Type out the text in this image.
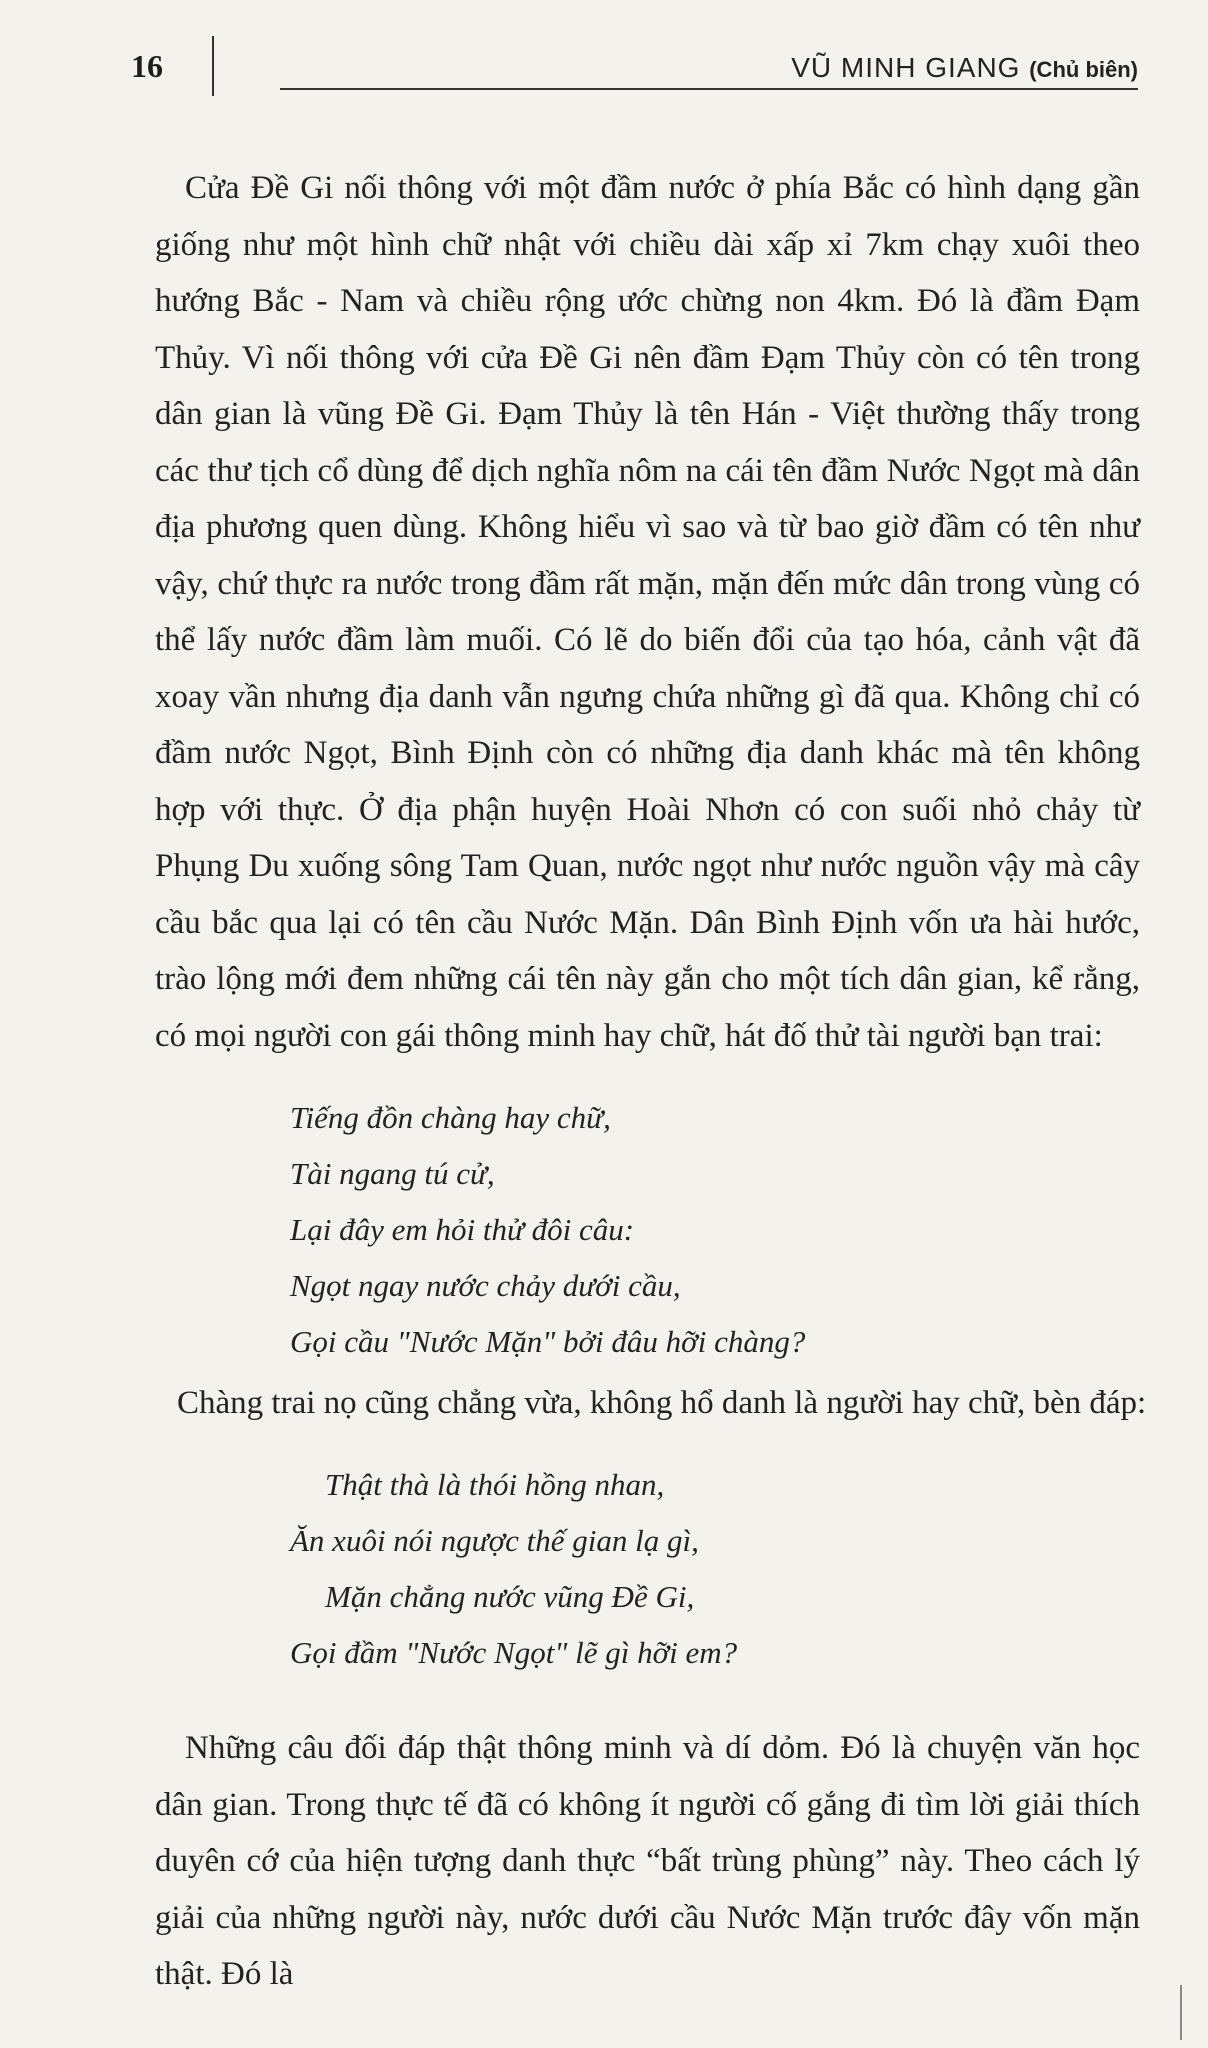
16	VŨ MINH GIANG (Chủ biên)

Cửa Đề Gi nối thông với một đầm nước ở phía Bắc có hình dạng gần giống như một hình chữ nhật với chiều dài xấp xỉ 7km chạy xuôi theo hướng Bắc - Nam và chiều rộng ước chừng non 4km. Đó là đầm Đạm Thủy. Vì nối thông với cửa Đề Gi nên đầm Đạm Thủy còn có tên trong dân gian là vũng Đề Gi. Đạm Thủy là tên Hán - Việt thường thấy trong các thư tịch cổ dùng để dịch nghĩa nôm na cái tên đầm Nước Ngọt mà dân địa phương quen dùng. Không hiểu vì sao và từ bao giờ đầm có tên như vậy, chứ thực ra nước trong đầm rất mặn, mặn đến mức dân trong vùng có thể lấy nước đầm làm muối. Có lẽ do biến đổi của tạo hóa, cảnh vật đã xoay vần nhưng địa danh vẫn ngưng chứa những gì đã qua. Không chỉ có đầm nước Ngọt, Bình Định còn có những địa danh khác mà tên không hợp với thực. Ở địa phận huyện Hoài Nhơn có con suối nhỏ chảy từ Phụng Du xuống sông Tam Quan, nước ngọt như nước nguồn vậy mà cây cầu bắc qua lại có tên cầu Nước Mặn. Dân Bình Định vốn ưa hài hước, trào lộng mới đem những cái tên này gắn cho một tích dân gian, kể rằng, có mọi người con gái thông minh hay chữ, hát đố thử tài người bạn trai:

Tiếng đồn chàng hay chữ,
Tài ngang tú cử,
Lại đây em hỏi thử đôi câu:
Ngọt ngay nước chảy dưới cầu,
Gọi cầu "Nước Mặn" bởi đâu hỡi chàng?

Chàng trai nọ cũng chẳng vừa, không hổ danh là người hay chữ, bèn đáp:

Thật thà là thói hồng nhan,
Ăn xuôi nói ngược thế gian lạ gì,
Mặn chẳng nước vũng Đề Gi,
Gọi đầm "Nước Ngọt" lẽ gì hỡi em?

Những câu đối đáp thật thông minh và dí dỏm. Đó là chuyện văn học dân gian. Trong thực tế đã có không ít người cố gắng đi tìm lời giải thích duyên cớ của hiện tượng danh thực “bất trùng phùng” này. Theo cách lý giải của những người này, nước dưới cầu Nước Mặn trước đây vốn mặn thật. Đó là
